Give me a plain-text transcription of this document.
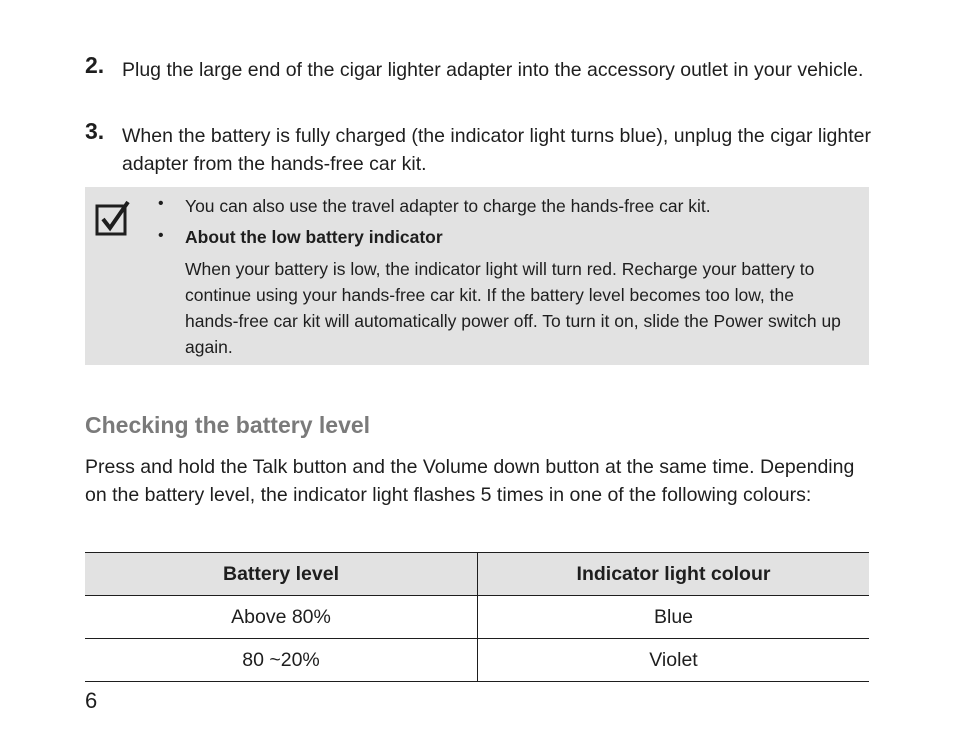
2. Plug the large end of the cigar lighter adapter into the accessory outlet in your vehicle.
3. When the battery is fully charged (the indicator light turns blue), unplug the cigar lighter adapter from the hands-free car kit.
• You can also use the travel adapter to charge the hands-free car kit.
• About the low battery indicator
When your battery is low, the indicator light will turn red. Recharge your battery to continue using your hands-free car kit. If the battery level becomes too low, the hands-free car kit will automatically power off. To turn it on, slide the Power switch up again.
Checking the battery level
Press and hold the Talk button and the Volume down button at the same time. Depending on the battery level, the indicator light flashes 5 times in one of the following colours:
Battery level	Indicator light colour
Above 80%	Blue
80 ~20%	Violet
6
